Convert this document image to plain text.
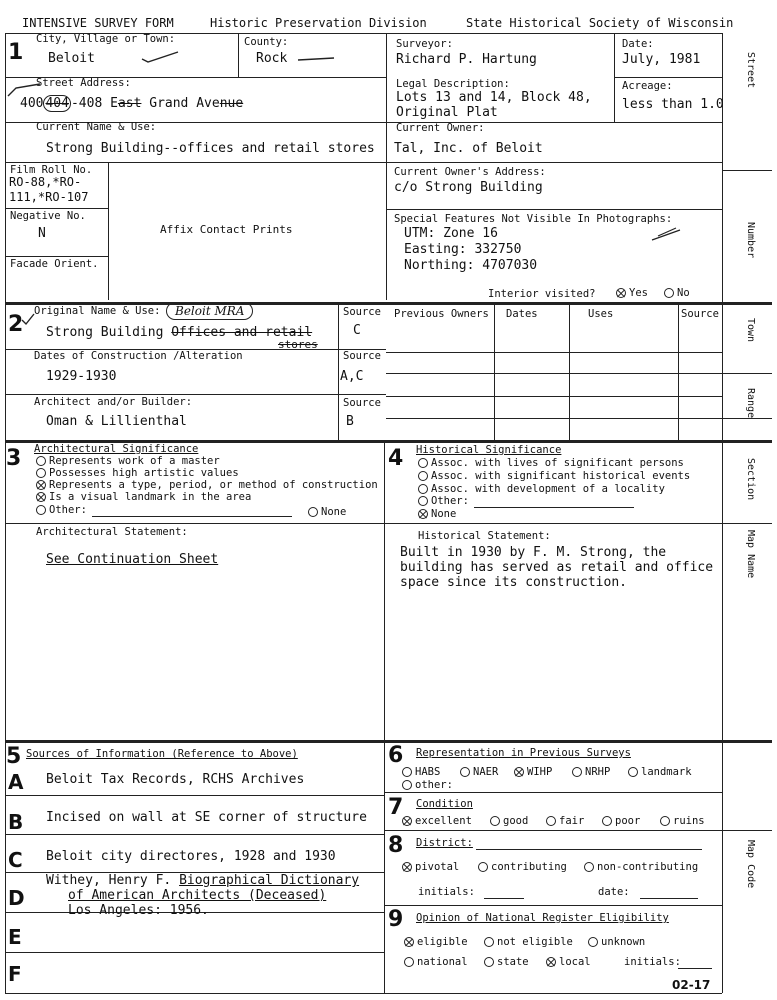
INTENSIVE SURVEY FORM	Historic Preservation Division	State Historical Society of Wisconsin
Street
Number
Town
Range
Section
Map Name
Map Code
1
City, Village or Town:
Beloit
County:
Rock
Surveyor:
Richard P. Hartung
Date:
July, 1981
Street Address:
400 404 -408 East Grand Avenue
Legal Description:
Lots 13 and 14, Block 48,
Original Plat
Acreage:
less than 1.0
Current Name & Use:
Strong Building--offices and retail stores
Current Owner:
Tal, Inc. of Beloit
Film Roll No.
RO-88,*RO-
111,*RO-107
Current Owner's Address:
c/o Strong Building
Negative No.
N
Facade Orient.
Affix Contact Prints
Special Features Not Visible In Photographs:
UTM: Zone 16
Easting: 332750
Northing: 4707030
Interior visited?	Yes	No
2
Original Name & Use:	Beloit MRA
Strong Building Offices and retail
stores
Source
C
Dates of Construction /Alteration
1929-1930
Source
A,C
Architect and/or Builder:
Oman & Lillienthal
Source
B
Previous Owners Dates	Uses	Source
3 Architectural Significance
Represents work of a master
Possesses high artistic values
Represents a type, period, or method of construction
Is a visual landmark in the area
Other:	None
Architectural Statement:
See Continuation Sheet
4 Historical Significance
Assoc. with lives of significant persons
Assoc. with significant historical events
Assoc. with development of a locality
Other:
None
Historical Statement:
Built in 1930 by F. M. Strong, the
building has served as retail and office
space since its construction.
5 Sources of Information (Reference to Above)
A Beloit Tax Records, RCHS Archives
B Incised on wall at SE corner of structure
C Beloit city directores, 1928 and 1930
D
Withey, Henry F. Biographical Dictionary
of American Architects (Deceased)
Los Angeles: 1956.
E
F
6 Representation in Previous Surveys
HABS	NAER	WIHP	NRHP	landmark
other:
7 Condition
excellent	good	fair	poor	ruins
8 District:
pivotal	contributing	non-contributing
initials:	date:
9 Opinion of National Register Eligibility
eligible	not eligible	unknown
national	state	local	initials:
02-17
